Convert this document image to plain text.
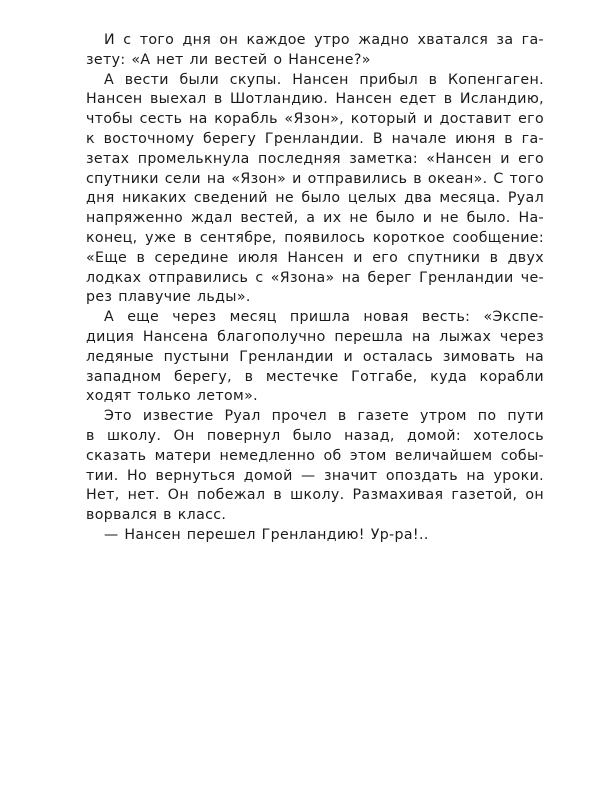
И с того дня он каждое утро жадно хватался за га-
зету: «А нет ли вестей о Нансене?»
А вести были скупы. Нансен прибыл в Копенгаген.
Нансен выехал в Шотландию. Нансен едет в Исландию,
чтобы сесть на корабль «Язон», который и доставит его
к восточному берегу Гренландии. В начале июня в га-
зетах промелькнула последняя заметка: «Нансен и его
спутники сели на «Язон» и отправились в океан». С того
дня никаких сведений не было целых два месяца. Руал
напряженно ждал вестей, а их не было и не было. На-
конец, уже в сентябре, появилось короткое сообщение:
«Еще в середине июля Нансен и его спутники в двух
лодках отправились с «Язона» на берег Гренландии че-
рез плавучие льды».
А еще через месяц пришла новая весть: «Экспе-
диция Нансена благополучно перешла на лыжах через
ледяные пустыни Гренландии и осталась зимовать на
западном берегу, в местечке Готгабе, куда корабли
ходят только летом».
Это известие Руал прочел в газете утром по пути
в школу. Он повернул было назад, домой: хотелось
сказать матери немедленно об этом величайшем собы-
тии. Но вернуться домой — значит опоздать на уроки.
Нет, нет. Он побежал в школу. Размахивая газетой, он
ворвался в класс.
— Нансен перешел Гренландию! Ур-ра!..
